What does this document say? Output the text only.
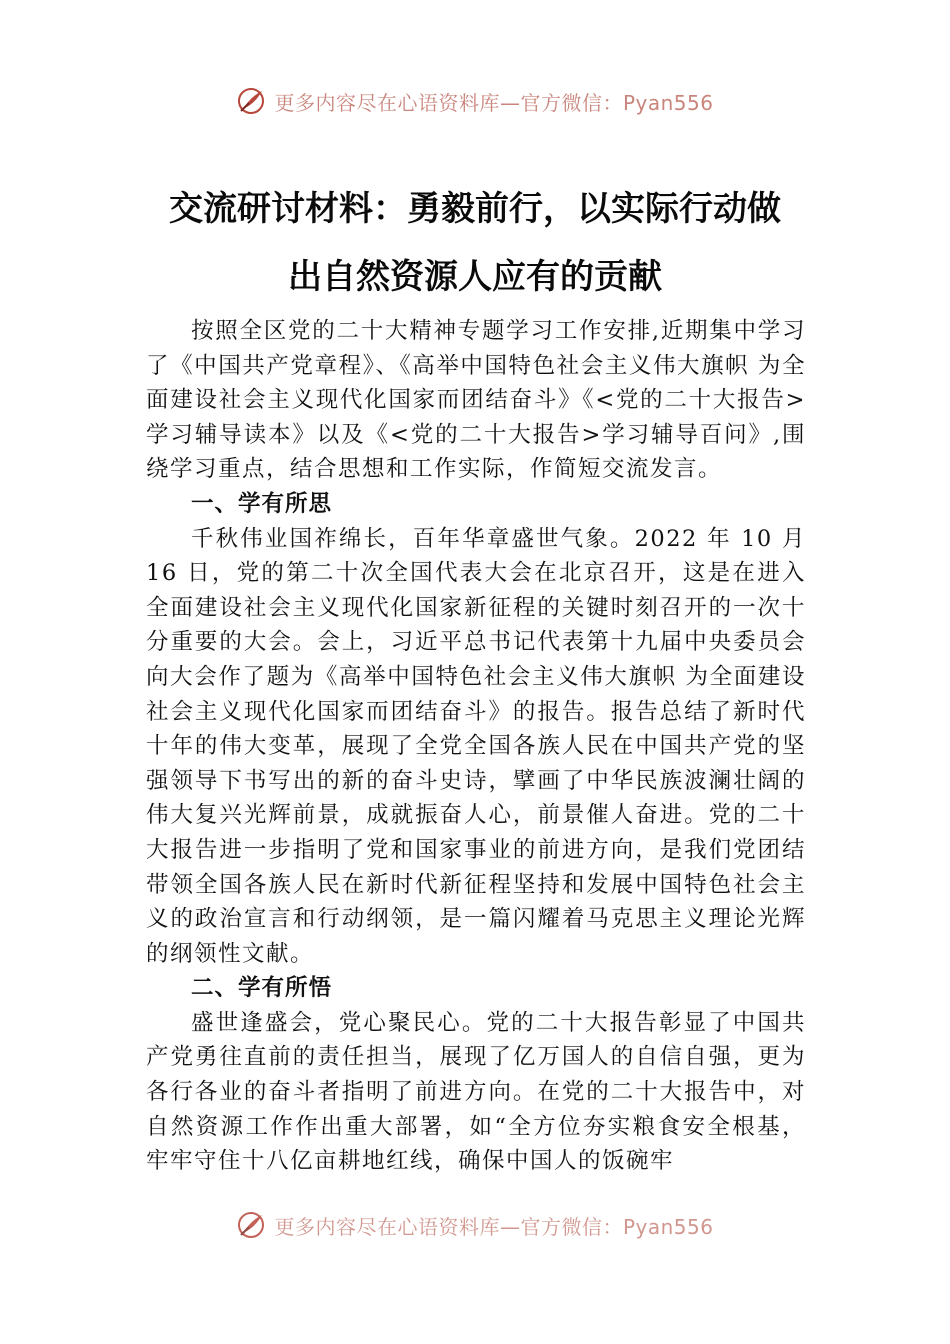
更多内容尽在心语资料库—官方微信：Pyan556
交流研讨材料：勇毅前行，以实际行动做
出自然资源人应有的贡献

按照全区党的二十大精神专题学习工作安排,近期集中学习了《中国共产党章程》、《高举中国特色社会主义伟大旗帜 为全面建设社会主义现代化国家而团结奋斗》《<党的二十大报告>学习辅导读本》以及《<党的二十大报告>学习辅导百问》,围绕学习重点，结合思想和工作实际，作简短交流发言。

一、学有所思

千秋伟业国祚绵长，百年华章盛世气象。2022 年 10 月 16 日，党的第二十次全国代表大会在北京召开，这是在进入全面建设社会主义现代化国家新征程的关键时刻召开的一次十分重要的大会。会上，习近平总书记代表第十九届中央委员会向大会作了题为《高举中国特色社会主义伟大旗帜 为全面建设社会主义现代化国家而团结奋斗》的报告。报告总结了新时代十年的伟大变革，展现了全党全国各族人民在中国共产党的坚强领导下书写出的新的奋斗史诗，擘画了中华民族波澜壮阔的伟大复兴光辉前景，成就振奋人心，前景催人奋进。党的二十大报告进一步指明了党和国家事业的前进方向，是我们党团结带领全国各族人民在新时代新征程坚持和发展中国特色社会主义的政治宣言和行动纲领，是一篇闪耀着马克思主义理论光辉的纲领性文献。

二、学有所悟

盛世逢盛会，党心聚民心。党的二十大报告彰显了中国共产党勇往直前的责任担当，展现了亿万国人的自信自强，更为各行各业的奋斗者指明了前进方向。在党的二十大报告中，对自然资源工作作出重大部署，如“全方位夯实粮食安全根基，牢牢守住十八亿亩耕地红线，确保中国人的饭碗牢

更多内容尽在心语资料库—官方微信：Pyan556
